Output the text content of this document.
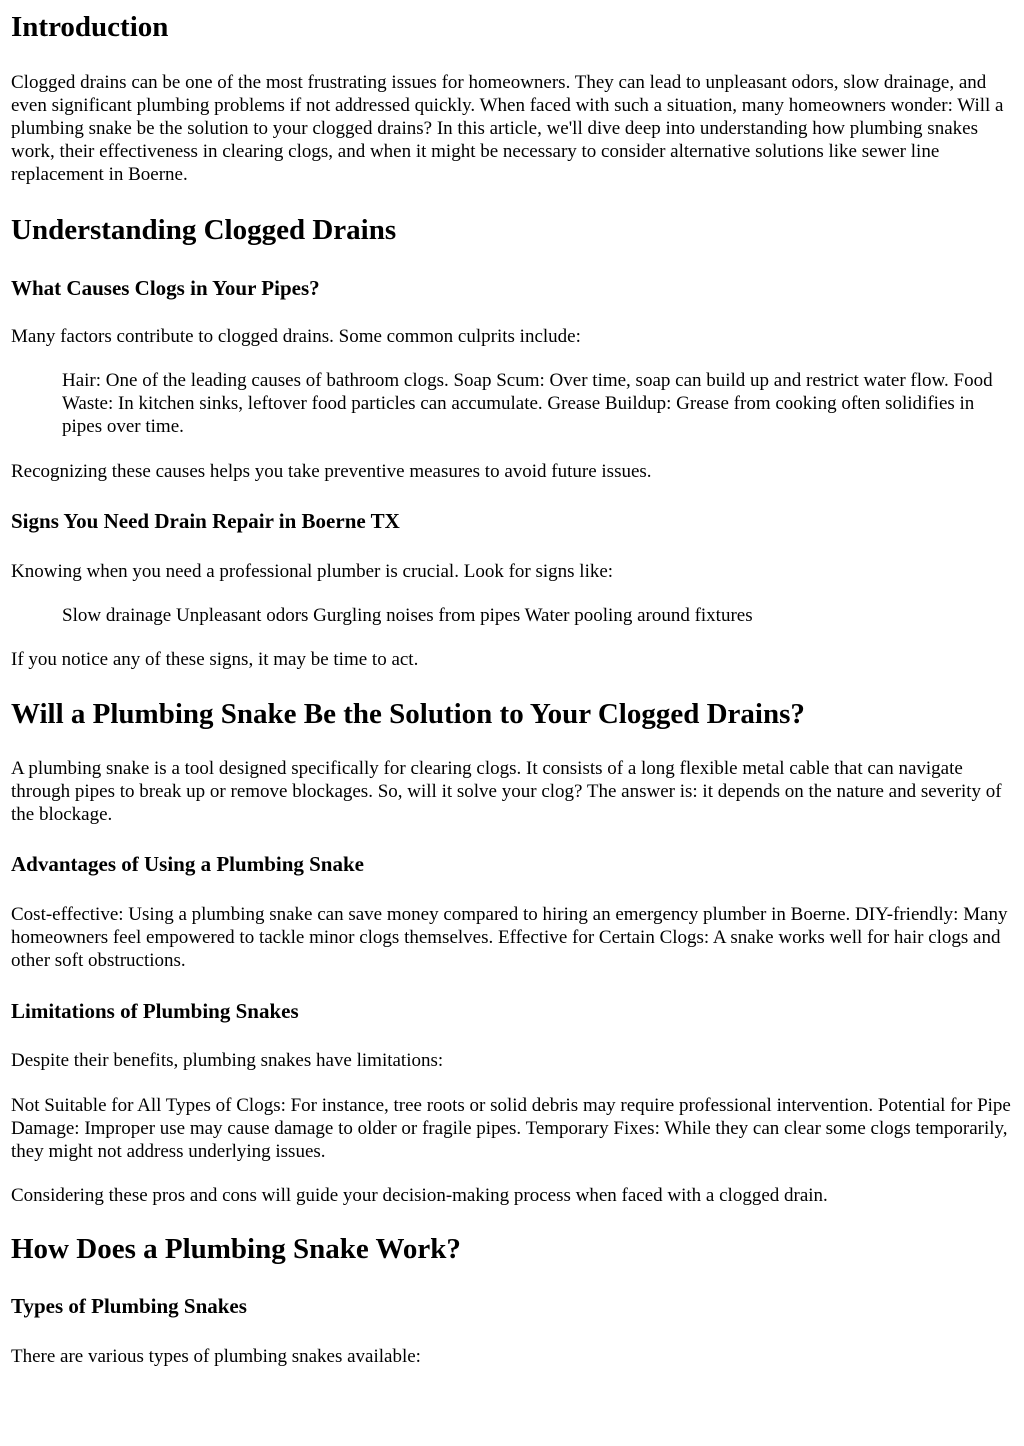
Introduction

Clogged drains can be one of the most frustrating issues for homeowners. They can lead to unpleasant odors, slow drainage, and even significant plumbing problems if not addressed quickly. When faced with such a situation, many homeowners wonder: Will a plumbing snake be the solution to your clogged drains? In this article, we'll dive deep into understanding how plumbing snakes work, their effectiveness in clearing clogs, and when it might be necessary to consider alternative solutions like sewer line replacement in Boerne.

Understanding Clogged Drains
What Causes Clogs in Your Pipes?

Many factors contribute to clogged drains. Some common culprits include:

Hair: One of the leading causes of bathroom clogs. Soap Scum: Over time, soap can build up and restrict water flow. Food Waste: In kitchen sinks, leftover food particles can accumulate. Grease Buildup: Grease from cooking often solidifies in pipes over time.

Recognizing these causes helps you take preventive measures to avoid future issues.

Signs You Need Drain Repair in Boerne TX

Knowing when you need a professional plumber is crucial. Look for signs like:

Slow drainage Unpleasant odors Gurgling noises from pipes Water pooling around fixtures

If you notice any of these signs, it may be time to act.

Will a Plumbing Snake Be the Solution to Your Clogged Drains?

A plumbing snake is a tool designed specifically for clearing clogs. It consists of a long flexible metal cable that can navigate through pipes to break up or remove blockages. So, will it solve your clog? The answer is: it depends on the nature and severity of the blockage.

Advantages of Using a Plumbing Snake

Cost-effective: Using a plumbing snake can save money compared to hiring an emergency plumber in Boerne. DIY-friendly: Many homeowners feel empowered to tackle minor clogs themselves. Effective for Certain Clogs: A snake works well for hair clogs and other soft obstructions.

Limitations of Plumbing Snakes

Despite their benefits, plumbing snakes have limitations:

Not Suitable for All Types of Clogs: For instance, tree roots or solid debris may require professional intervention. Potential for Pipe Damage: Improper use may cause damage to older or fragile pipes. Temporary Fixes: While they can clear some clogs temporarily, they might not address underlying issues.

Considering these pros and cons will guide your decision-making process when faced with a clogged drain.

How Does a Plumbing Snake Work?
Types of Plumbing Snakes

There are various types of plumbing snakes available:
